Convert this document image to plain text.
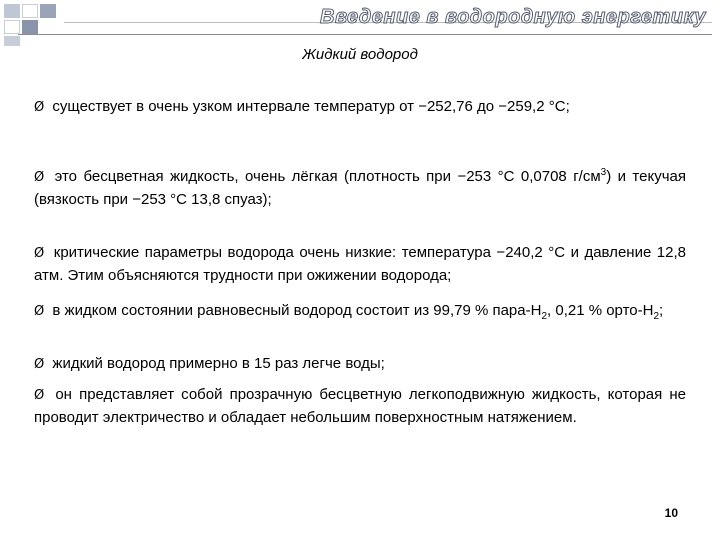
Введение в водородную энергетику
Жидкий водород
Ø существует в очень узком интервале температур от −252,76 до −259,2 °C;
Ø это бесцветная жидкость, очень лёгкая (плотность при −253 °C 0,0708 $г/см^3$) и текучая (вязкость при −253 °C 13,8 спуаз);
Ø критические параметры водорода очень низкие: температура −240,2 °C и давление 12,8 атм. Этим объясняются трудности при ожижении водорода;
Ø в жидком состоянии равновесный водород состоит из 99,79 % пара-$Н_2$, 0,21 % орто-$Н_2$;
Ø жидкий водород примерно в 15 раз легче воды;
Ø он представляет собой прозрачную бесцветную легкоподвижную жидкость, которая не проводит электричество и обладает небольшим поверхностным натяжением.
10
